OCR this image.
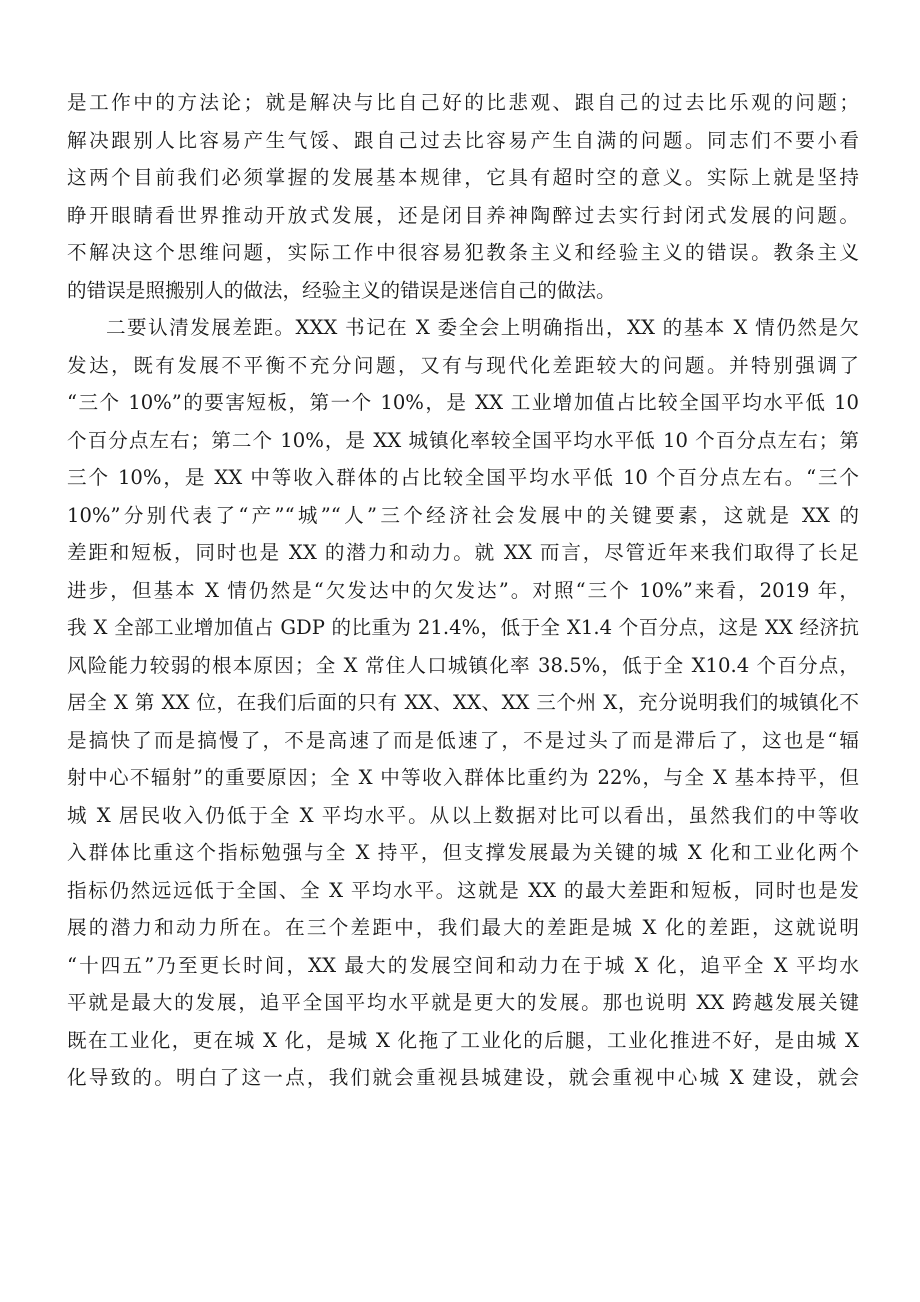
是工作中的方法论；就是解决与比自己好的比悲观、跟自己的过去比乐观的问题；
解决跟别人比容易产生气馁、跟自己过去比容易产生自满的问题。同志们不要小看
这两个目前我们必须掌握的发展基本规律，它具有超时空的意义。实际上就是坚持
睁开眼睛看世界推动开放式发展，还是闭目养神陶醉过去实行封闭式发展的问题。
不解决这个思维问题，实际工作中很容易犯教条主义和经验主义的错误。教条主义
的错误是照搬别人的做法，经验主义的错误是迷信自己的做法。
二要认清发展差距。XXX 书记在 X 委全会上明确指出，XX 的基本 X 情仍然是欠
发达，既有发展不平衡不充分问题，又有与现代化差距较大的问题。并特别强调了
“三个 10%”的要害短板，第一个 10%，是 XX 工业增加值占比较全国平均水平低 10
个百分点左右；第二个 10%，是 XX 城镇化率较全国平均水平低 10 个百分点左右；第
三个 10%，是 XX 中等收入群体的占比较全国平均水平低 10 个百分点左右。“三个
10%”分别代表了“产”“城”“人”三个经济社会发展中的关键要素，这就是 XX 的
差距和短板，同时也是 XX 的潜力和动力。就 XX 而言，尽管近年来我们取得了长足
进步，但基本 X 情仍然是“欠发达中的欠发达”。对照“三个 10%”来看，2019 年，
我 X 全部工业增加值占 GDP 的比重为 21.4%，低于全 X1.4 个百分点，这是 XX 经济抗
风险能力较弱的根本原因；全 X 常住人口城镇化率 38.5%，低于全 X10.4 个百分点，
居全 X 第 XX 位，在我们后面的只有 XX、XX、XX 三个州 X，充分说明我们的城镇化不
是搞快了而是搞慢了，不是高速了而是低速了，不是过头了而是滞后了，这也是“辐
射中心不辐射”的重要原因；全 X 中等收入群体比重约为 22%，与全 X 基本持平，但
城 X 居民收入仍低于全 X 平均水平。从以上数据对比可以看出，虽然我们的中等收
入群体比重这个指标勉强与全 X 持平，但支撑发展最为关键的城 X 化和工业化两个
指标仍然远远低于全国、全 X 平均水平。这就是 XX 的最大差距和短板，同时也是发
展的潜力和动力所在。在三个差距中，我们最大的差距是城 X 化的差距，这就说明
“十四五”乃至更长时间，XX 最大的发展空间和动力在于城 X 化，追平全 X 平均水
平就是最大的发展，追平全国平均水平就是更大的发展。那也说明 XX 跨越发展关键
既在工业化，更在城 X 化，是城 X 化拖了工业化的后腿，工业化推进不好，是由城 X
化导致的。明白了这一点，我们就会重视县城建设，就会重视中心城 X 建设，就会
